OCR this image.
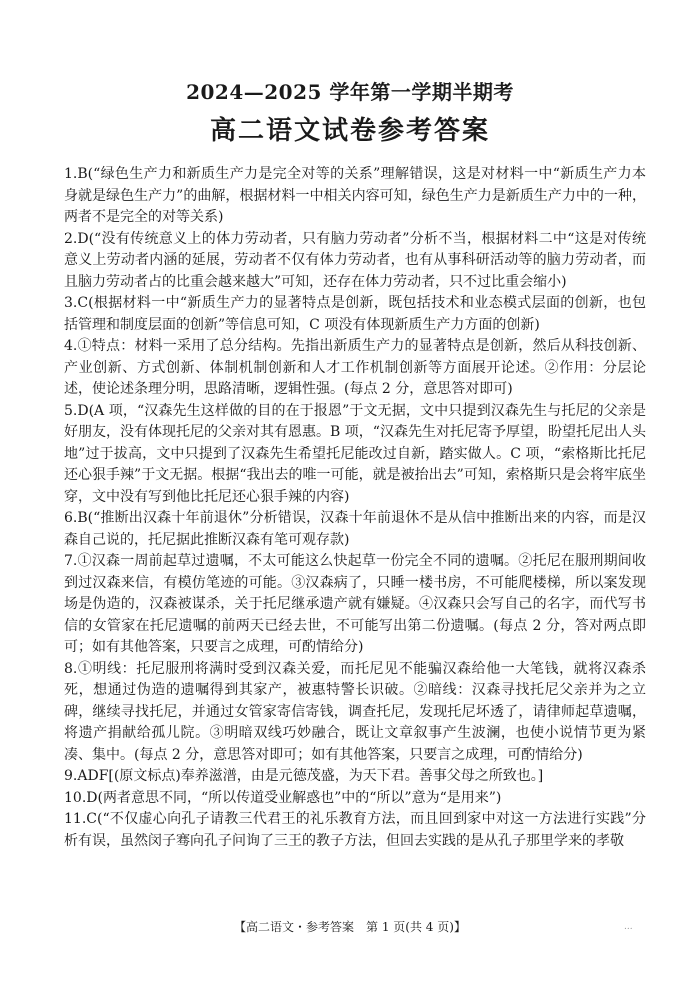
2024—2025 学年第一学期半期考
高二语文试卷参考答案

1.B(“绿色生产力和新质生产力是完全对等的关系”理解错误，这是对材料一中“新质生产力本身就是绿色生产力”的曲解，根据材料一中相关内容可知，绿色生产力是新质生产力中的一种，两者不是完全的对等关系)

2.D(“没有传统意义上的体力劳动者，只有脑力劳动者”分析不当，根据材料二中“这是对传统意义上劳动者内涵的延展，劳动者不仅有体力劳动者，也有从事科研活动等的脑力劳动者，而且脑力劳动者占的比重会越来越大”可知，还存在体力劳动者，只不过比重会缩小)

3.C(根据材料一中“新质生产力的显著特点是创新，既包括技术和业态模式层面的创新，也包括管理和制度层面的创新”等信息可知，C 项没有体现新质生产力方面的创新)

4.①特点：材料一采用了总分结构。先指出新质生产力的显著特点是创新，然后从科技创新、产业创新、方式创新、体制机制创新和人才工作机制创新等方面展开论述。②作用：分层论述，使论述条理分明，思路清晰，逻辑性强。(每点 2 分，意思答对即可)

5.D(A 项，“汉森先生这样做的目的在于报恩”于文无据，文中只提到汉森先生与托尼的父亲是好朋友，没有体现托尼的父亲对其有恩惠。B 项，“汉森先生对托尼寄予厚望，盼望托尼出人头地”过于拔高，文中只提到了汉森先生希望托尼能改过自新，踏实做人。C 项，“索格斯比托尼还心狠手辣”于文无据。根据“我出去的唯一可能，就是被抬出去”可知，索格斯只是会将牢底坐穿，文中没有写到他比托尼还心狠手辣的内容)

6.B(“推断出汉森十年前退休”分析错误，汉森十年前退休不是从信中推断出来的内容，而是汉森自己说的，托尼据此推断汉森有笔可观存款)

7.①汉森一周前起草过遗嘱，不太可能这么快起草一份完全不同的遗嘱。②托尼在服刑期间收到过汉森来信，有模仿笔迹的可能。③汉森病了，只睡一楼书房，不可能爬楼梯，所以案发现场是伪造的，汉森被谋杀，关于托尼继承遗产就有嫌疑。④汉森只会写自己的名字，而代写书信的女管家在托尼遗嘱的前两天已经去世，不可能写出第二份遗嘱。(每点 2 分，答对两点即可；如有其他答案，只要言之成理，可酌情给分)

8.①明线：托尼服刑将满时受到汉森关爱，而托尼见不能骗汉森给他一大笔钱，就将汉森杀死，想通过伪造的遗嘱得到其家产，被惠特警长识破。②暗线：汉森寻找托尼父亲并为之立碑，继续寻找托尼，并通过女管家寄信寄钱，调查托尼，发现托尼坏透了，请律师起草遗嘱，将遗产捐献给孤儿院。③明暗双线巧妙融合，既让文章叙事产生波澜，也使小说情节更为紧凑、集中。(每点 2 分，意思答对即可；如有其他答案，只要言之成理，可酌情给分)

9.ADF[(原文标点)奉养滋潽，由是元德茂盛，为天下君。善事父母之所致也。]

10.D(两者意思不同，“所以传道受业解惑也”中的“所以”意为“是用来”)

11.C(“不仅虚心向孔子请教三代君王的礼乐教育方法，而且回到家中对这一方法进行实践”分析有误，虽然闵子骞向孔子问询了三王的教子方法，但回去实践的是从孔子那里学来的孝敬

【高二语文・参考答案　第 1 页(共 4 页)】	...
